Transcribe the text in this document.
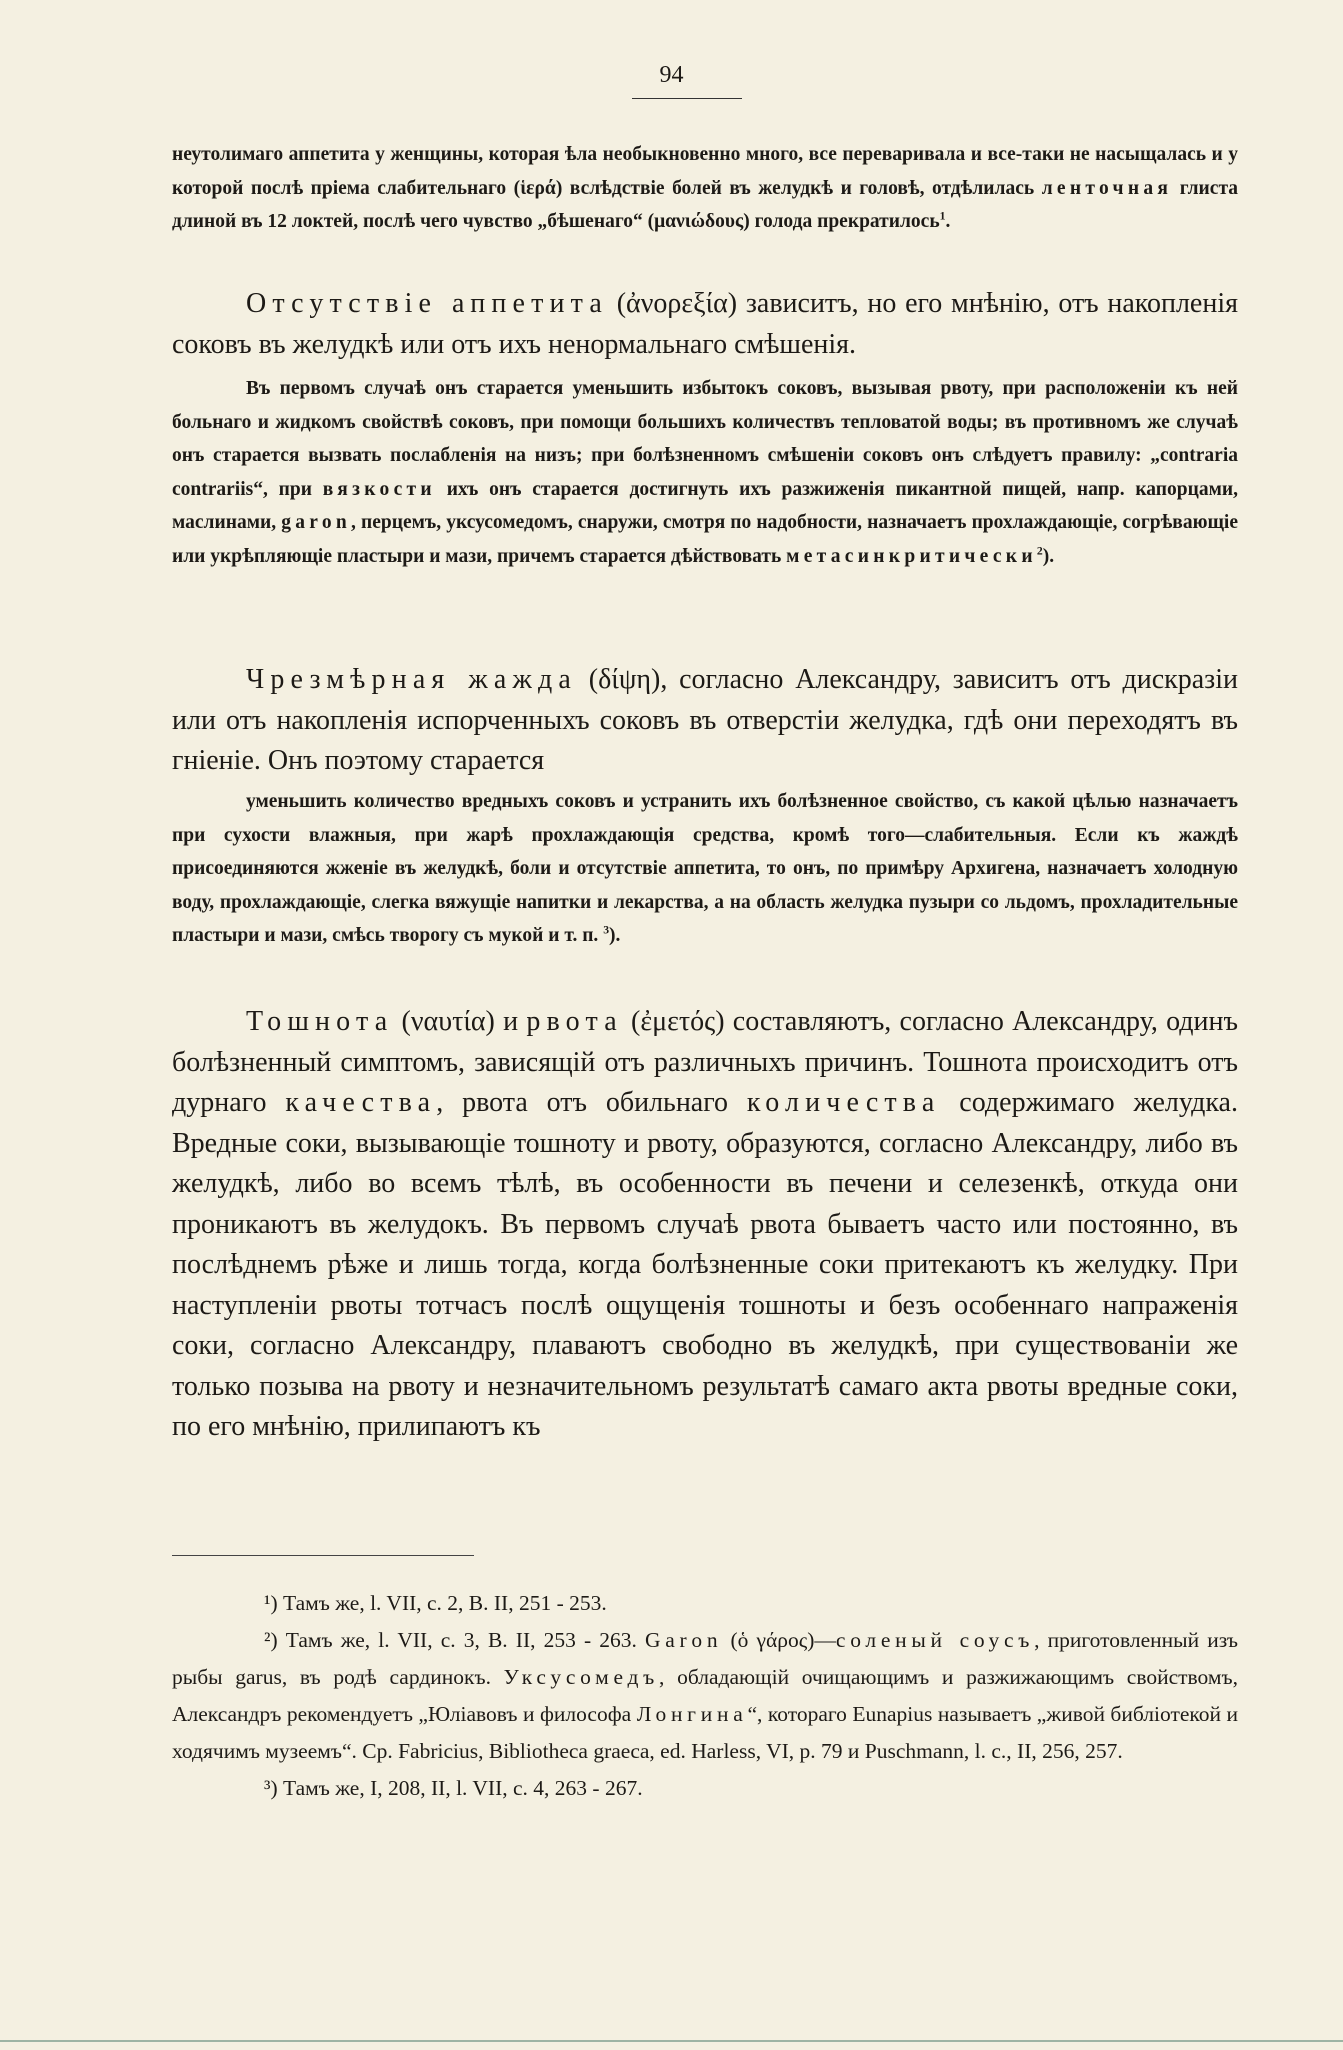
94

неутолимаго аппетита у женщины, которая ѣла необыкновенно много, все переваривала и все-таки не насыщалась и у которой послѣ пріема слабительнаго (ἱερά) вслѣдствіе болей въ желудкѣ и головѣ, отдѣлилась ленточная глиста длиной въ 12 локтей, послѣ чего чувство „бѣшенаго“ (μανιώδους) голода прекратилось$^1$.

Отсутствіе аппетита (ἀνορεξία) зависитъ, но его мнѣнію, отъ накопленія соковъ въ желудкѣ или отъ ихъ ненормальнаго смѣшенія.

Въ первомъ случаѣ онъ старается уменьшить избытокъ соковъ, вызывая рвоту, при расположеніи къ ней больнаго и жидкомъ свойствѣ соковъ, при помощи большихъ количествъ тепловатой воды; въ противномъ же случаѣ онъ старается вызвать послабленія на низъ; при болѣзненномъ смѣшеніи соковъ онъ слѣдуетъ правилу: „contraria contrariis“, при вязкости ихъ онъ старается достигнуть ихъ разжиженія пикантной пищей, напр. капорцами, маслинами, garon, перцемъ, уксусомедомъ, снаружи, смотря по надобности, назначаетъ прохлаждающіе, согрѣвающіе или укрѣпляющіе пластыри и мази, причемъ старается дѣйствовать метасинкритически$^2$).

Чрезмѣрная жажда (δίψη), согласно Александру, зависитъ отъ дискразіи или отъ накопленія испорченныхъ соковъ въ отверстіи желудка, гдѣ они переходятъ въ гніеніе. Онъ поэтому старается

уменьшить количество вредныхъ соковъ и устранить ихъ болѣзненное свойство, съ какой цѣлью назначаетъ при сухости влажныя, при жарѣ прохлаждающія средства, кромѣ того—слабительныя. Если къ жаждѣ присоединяются жженіе въ желудкѣ, боли и отсутствіе аппетита, то онъ, по примѣру Архигена, назначаетъ холодную воду, прохлаждающіе, слегка вяжущіе напитки и лекарства, а на область желудка пузыри со льдомъ, прохладительные пластыри и мази, смѣсь творогу съ мукой и т. п. $^3$).

Тошнота (ναυτία) и рвота (ἐμετός) составляютъ, согласно Александру, одинъ болѣзненный симптомъ, зависящій отъ различныхъ причинъ. Тошнота происходитъ отъ дурнаго качества, рвота отъ обильнаго количества содержимаго желудка. Вредные соки, вызывающіе тошноту и рвоту, образуются, согласно Александру, либо въ желудкѣ, либо во всемъ тѣлѣ, въ особенности въ печени и селезенкѣ, откуда они проникаютъ въ желудокъ. Въ первомъ случаѣ рвота бываетъ часто или постоянно, въ послѣднемъ рѣже и лишь тогда, когда болѣзненные соки притекаютъ къ желудку. При наступленіи рвоты тотчасъ послѣ ощущенія тошноты и безъ особеннаго напраженія соки, согласно Александру, плаваютъ свободно въ желудкѣ, при существованіи же только позыва на рвоту и незначительномъ результатѣ самаго акта рвоты вредные соки, по его мнѣнію, прилипаютъ къ

¹) Тамъ же, l. VII, c. 2, B. II, 251 - 253.

²) Тамъ же, l. VII, c. 3, B. II, 253 - 263. Garon (ὁ γάρος)—соленый соусъ, приготовленный изъ рыбы garus, въ родѣ сардинокъ. Уксусомедъ, обладающій очищающимъ и разжижающимъ свойствомъ, Александръ рекомендуетъ „Юліавовъ и философа Лонгина“, котораго Eunapius называетъ „живой библіотекой и ходячимъ музеемъ“. Cp. Fabricius, Bibliotheca graeca, ed. Harless, VI, p. 79 и Puschmann, l. c., II, 256, 257.

³) Тамъ же, I, 208, II, l. VII, c. 4, 263 - 267.
